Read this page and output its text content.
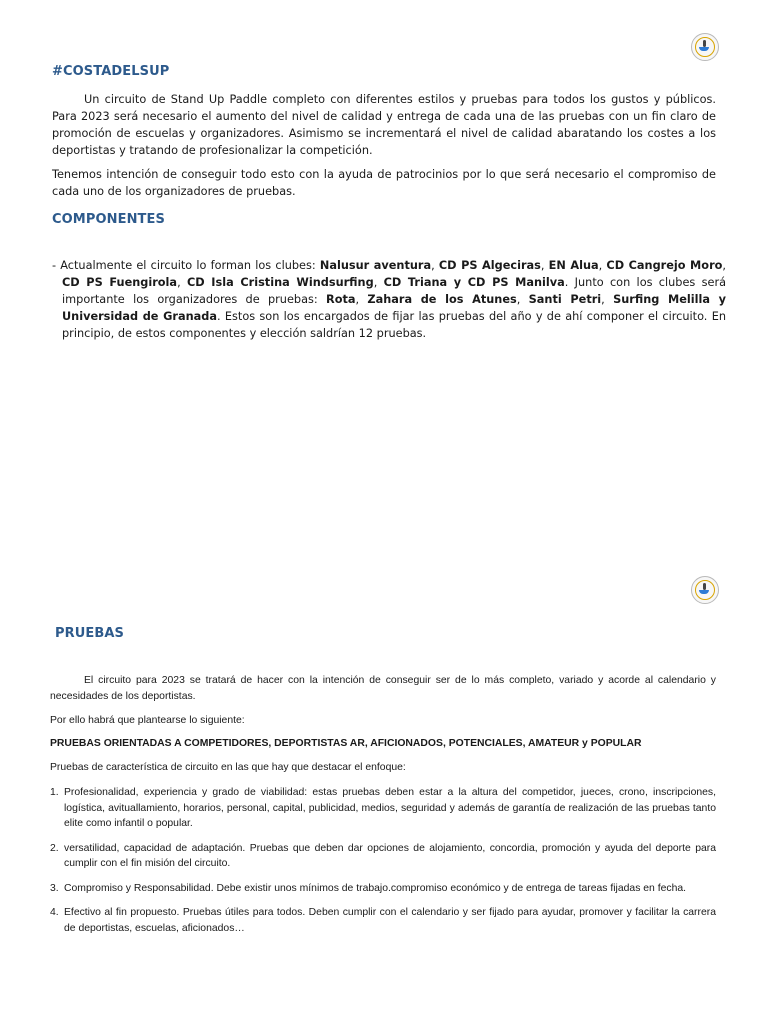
#COSTADELSUP

Un circuito de Stand Up Paddle completo con diferentes estilos y pruebas para todos los gustos y públicos. Para 2023 será necesario el aumento del nivel de calidad y entrega de cada una de las pruebas con un fin claro de promoción de escuelas y organizadores. Asimismo se incrementará el nivel de calidad abaratando los costes a los deportistas y tratando de profesionalizar la competición.

Tenemos intención de conseguir todo esto con la ayuda de patrocinios por lo que será necesario el compromiso de cada uno de los organizadores de pruebas.

COMPONENTES

- Actualmente el circuito lo forman los clubes: Nalusur aventura, CD PS Algeciras, EN Alua, CD Cangrejo Moro, CD PS Fuengirola, CD Isla Cristina Windsurfing, CD Triana y CD PS Manilva. Junto con los clubes será importante los organizadores de pruebas: Rota, Zahara de los Atunes, Santi Petri, Surfing Melilla y Universidad de Granada. Estos son los encargados de fijar las pruebas del año y de ahí componer el circuito. En principio, de estos componentes y elección saldrían 12 pruebas.

PRUEBAS

El circuito para 2023 se tratará de hacer con la intención de conseguir ser de lo más completo, variado y acorde al calendario y necesidades de los deportistas.

Por ello habrá que plantearse lo siguiente:

PRUEBAS ORIENTADAS A COMPETIDORES, DEPORTISTAS AR, AFICIONADOS, POTENCIALES, AMATEUR y POPULAR

Pruebas de característica de circuito en las que hay que destacar el enfoque:

1. Profesionalidad, experiencia y grado de viabilidad: estas pruebas deben estar a la altura del competidor, jueces, crono, inscripciones, logística, avituallamiento, horarios, personal, capital, publicidad, medios, seguridad y además de garantía de realización de las pruebas tanto elite como infantil o popular.
2. versatilidad, capacidad de adaptación. Pruebas que deben dar opciones de alojamiento, concordia, promoción y ayuda del deporte para cumplir con el fin misión del circuito.
3. Compromiso y Responsabilidad. Debe existir unos mínimos de trabajo.compromiso económico y de entrega de tareas fijadas en fecha.
4. Efectivo al fin propuesto. Pruebas útiles para todos. Deben cumplir con el calendario y ser fijado para ayudar, promover y facilitar la carrera de deportistas, escuelas, aficionados…
